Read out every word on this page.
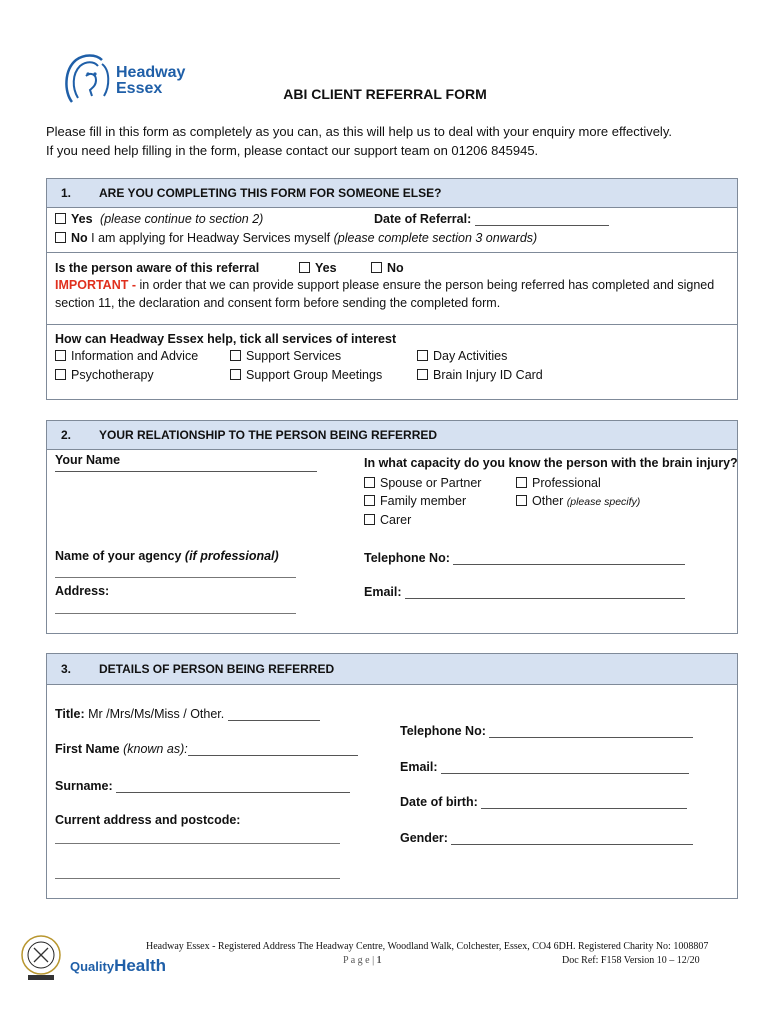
Headway
Essex	ABI CLIENT REFERRAL FORM
Please fill in this form as completely as you can, as this will help us to deal with your enquiry more effectively.
If you need help filling in the form, please contact our support team on 01206 845945.
1. ARE YOU COMPLETING THIS FORM FOR SOMEONE ELSE?
Yes (please continue to section 2)	Date of Referral:
No I am applying for Headway Services myself (please complete section 3 onwards)
Is the person aware of this referral	Yes	No
IMPORTANT - in order that we can provide support please ensure the person being referred has completed and signed
section 11, the declaration and consent form before sending the completed form.
How can Headway Essex help, tick all services of interest
Information and Advice	Support Services	Day Activities
Psychotherapy	Support Group Meetings	Brain Injury ID Card
2. YOUR RELATIONSHIP TO THE PERSON BEING REFERRED
Your Name	In what capacity do you know the person with the brain injury?
Spouse or Partner	Professional
Family member	Other (please specify)
Carer
Name of your agency (if professional)	Telephone No:
Address:	Email:
3. DETAILS OF PERSON BEING REFERRED
Title: Mr /Mrs/Ms/Miss / Other.
Telephone No:
First Name (known as):
Email:
Surname:
Date of birth:
Current address and postcode:
Gender:
QualityHealth
Headway Essex - Registered Address The Headway Centre, Woodland Walk, Colchester, Essex, CO4 6DH. Registered Charity No: 1008807
P a g e | 1	Doc Ref: F158 Version 10 – 12/20
